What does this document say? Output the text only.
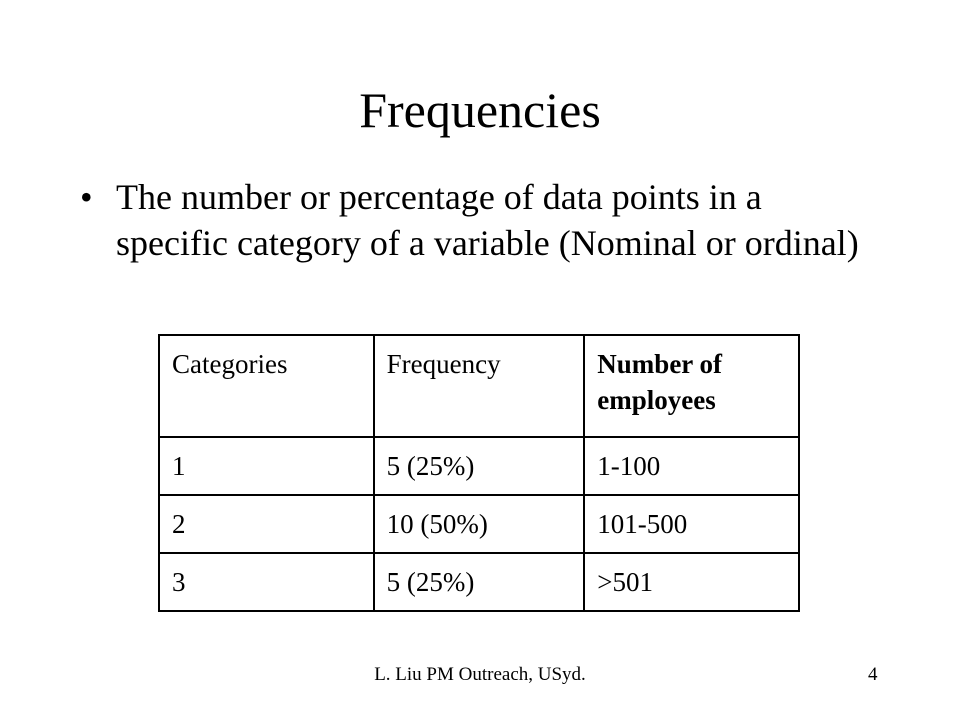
Frequencies
• The number or percentage of data points in a specific category of a variable (Nominal or ordinal)
Categories	Frequency	Number of employees
1	5 (25%)	1-100
2	10 (50%)	101-500
3	5 (25%)	>501
L. Liu PM Outreach, USyd.	4
